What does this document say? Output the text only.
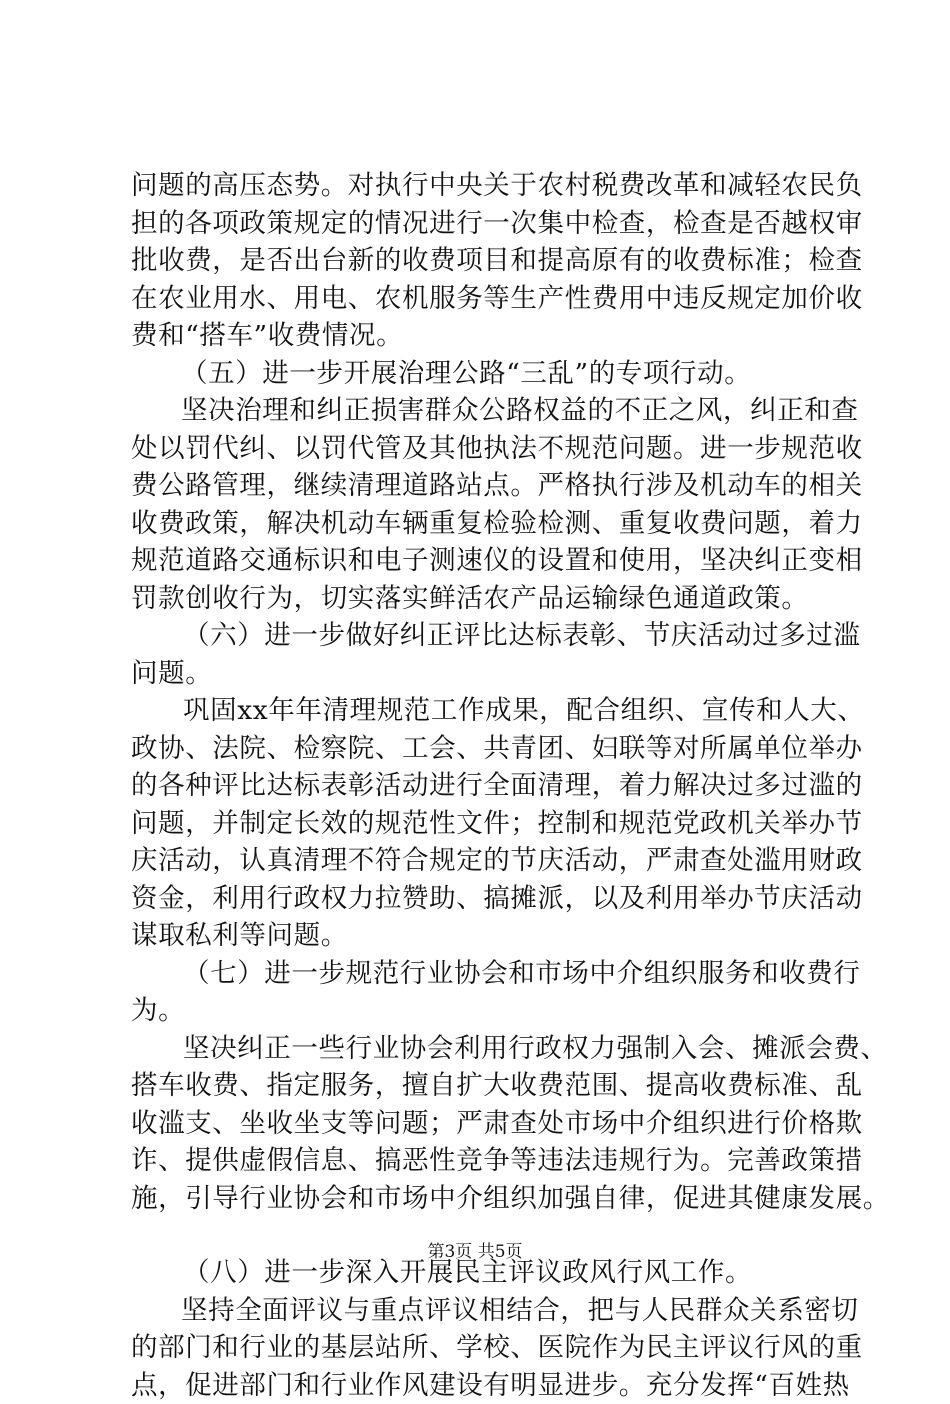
问题的高压态势。对执行中央关于农村税费改革和减轻农民负
担的各项政策规定的情况进行一次集中检查，检查是否越权审
批收费，是否出台新的收费项目和提高原有的收费标准；检查
在农业用水、用电、农机服务等生产性费用中违反规定加价收
费和“搭车”收费情况。
（五）进一步开展治理公路“三乱”的专项行动。
坚决治理和纠正损害群众公路权益的不正之风，纠正和查
处以罚代纠、以罚代管及其他执法不规范问题。进一步规范收
费公路管理，继续清理道路站点。严格执行涉及机动车的相关
收费政策，解决机动车辆重复检验检测、重复收费问题，着力
规范道路交通标识和电子测速仪的设置和使用，坚决纠正变相
罚款创收行为，切实落实鲜活农产品运输绿色通道政策。
（六）进一步做好纠正评比达标表彰、节庆活动过多过滥
问题。
巩固xx年年清理规范工作成果，配合组织、宣传和人大、
政协、法院、检察院、工会、共青团、妇联等对所属单位举办
的各种评比达标表彰活动进行全面清理，着力解决过多过滥的
问题，并制定长效的规范性文件；控制和规范党政机关举办节
庆活动，认真清理不符合规定的节庆活动，严肃查处滥用财政
资金，利用行政权力拉赞助、搞摊派，以及利用举办节庆活动
谋取私利等问题。
（七）进一步规范行业协会和市场中介组织服务和收费行
为。
坚决纠正一些行业协会利用行政权力强制入会、摊派会费、
搭车收费、指定服务，擅自扩大收费范围、提高收费标准、乱
收滥支、坐收坐支等问题；严肃查处市场中介组织进行价格欺
诈、提供虚假信息、搞恶性竞争等违法违规行为。完善政策措
施，引导行业协会和市场中介组织加强自律，促进其健康发展。
（八）进一步深入开展民主评议政风行风工作。
坚持全面评议与重点评议相结合，把与人民群众关系密切
的部门和行业的基层站所、学校、医院作为民主评议行风的重
点，促进部门和行业作风建设有明显进步。充分发挥“百姓热
第3页 共5页
